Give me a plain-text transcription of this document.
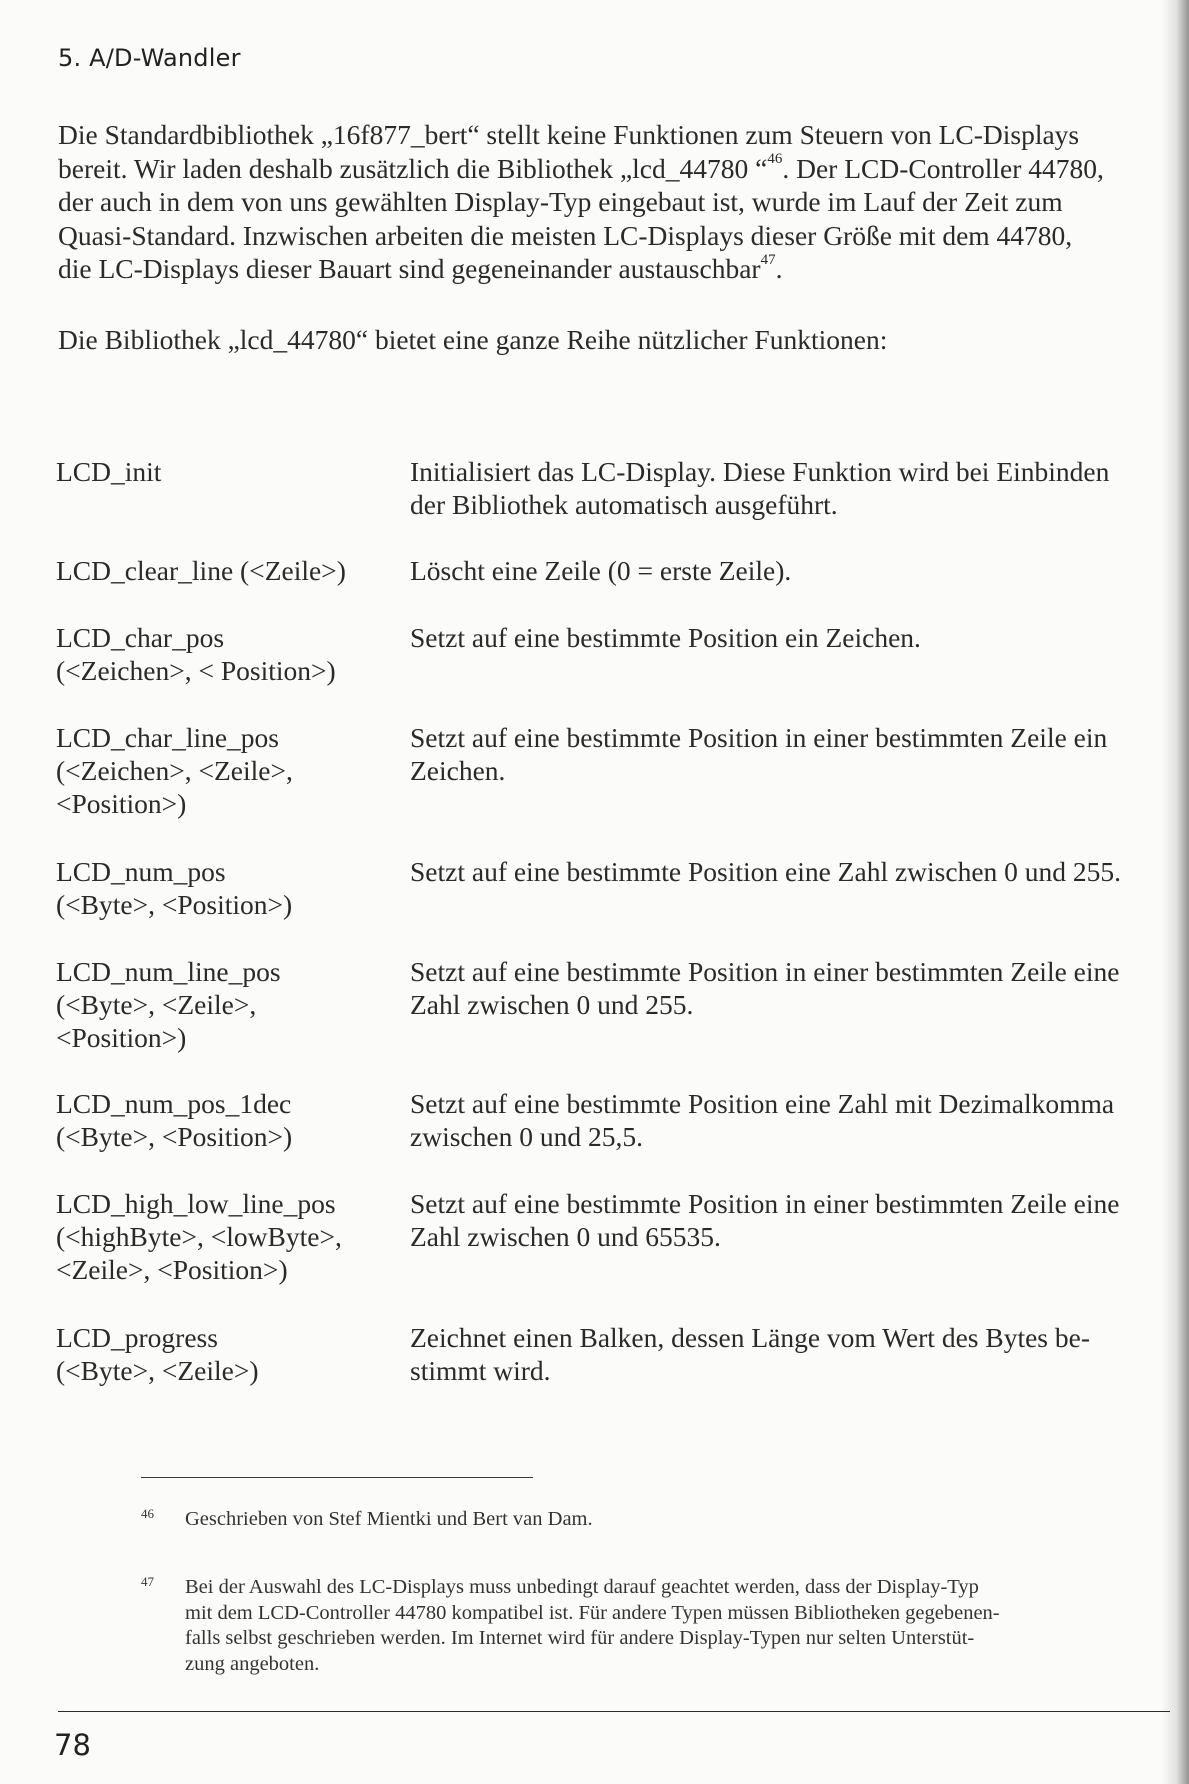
5. A/D-Wandler
Die Standardbibliothek „16f877_bert“ stellt keine Funktionen zum Steuern von LC-Displays
bereit. Wir laden deshalb zusätzlich die Bibliothek „lcd_44780 “$^{46}$. Der LCD-Controller 44780,
der auch in dem von uns gewählten Display-Typ eingebaut ist, wurde im Lauf der Zeit zum
Quasi-Standard. Inzwischen arbeiten die meisten LC-Displays dieser Größe mit dem 44780,
die LC-Displays dieser Bauart sind gegeneinander austauschbar$^{47}$.
Die Bibliothek „lcd_44780“ bietet eine ganze Reihe nützlicher Funktionen:
LCD_init	Initialisiert das LC-Display. Diese Funktion wird bei Einbinden
der Bibliothek automatisch ausgeführt.
LCD_clear_line (<Zeile>)	Löscht eine Zeile (0 = erste Zeile).
LCD_char_pos
(<Zeichen>, < Position>)
Setzt auf eine bestimmte Position ein Zeichen.
LCD_char_line_pos
(<Zeichen>, <Zeile>,
<Position>)
Setzt auf eine bestimmte Position in einer bestimmten Zeile ein
Zeichen.
LCD_num_pos
(<Byte>, <Position>)
Setzt auf eine bestimmte Position eine Zahl zwischen 0 und 255.
LCD_num_line_pos
(<Byte>, <Zeile>,
<Position>)
Setzt auf eine bestimmte Position in einer bestimmten Zeile eine
Zahl zwischen 0 und 255.
LCD_num_pos_1dec
(<Byte>, <Position>)
Setzt auf eine bestimmte Position eine Zahl mit Dezimalkomma
zwischen 0 und 25,5.
LCD_high_low_line_pos
(<highByte>, <lowByte>,
<Zeile>, <Position>)
Setzt auf eine bestimmte Position in einer bestimmten Zeile eine
Zahl zwischen 0 und 65535.
LCD_progress
(<Byte>, <Zeile>)
Zeichnet einen Balken, dessen Länge vom Wert des Bytes be-
stimmt wird.
46 Geschrieben von Stef Mientki und Bert van Dam.
47 Bei der Auswahl des LC-Displays muss unbedingt darauf geachtet werden, dass der Display-Typ
mit dem LCD-Controller 44780 kompatibel ist. Für andere Typen müssen Bibliotheken gegebenen-
falls selbst geschrieben werden. Im Internet wird für andere Display-Typen nur selten Unterstüt-
zung angeboten.
78
